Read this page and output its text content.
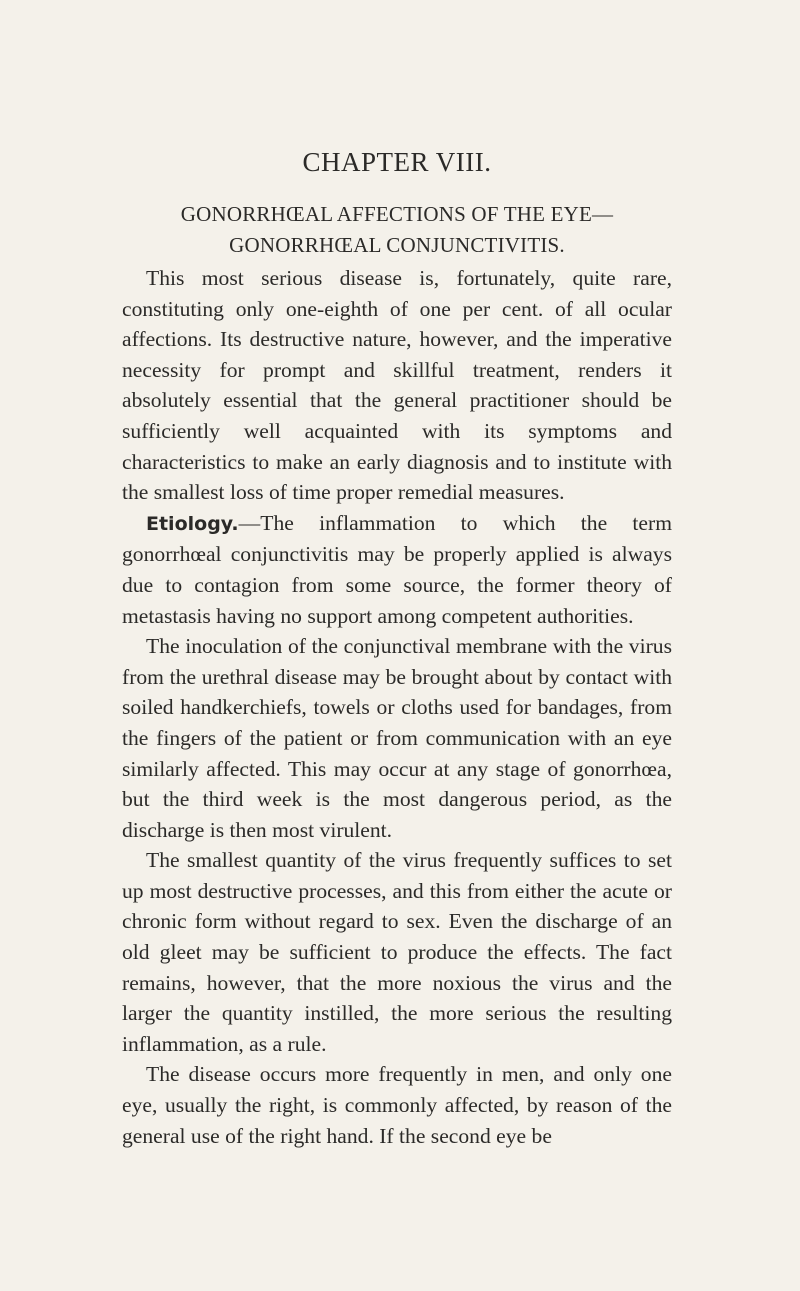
CHAPTER VIII.
GONORRHŒAL AFFECTIONS OF THE EYE—
GONORRHŒAL CONJUNCTIVITIS.

This most serious disease is, fortunately, quite rare, constituting only one-eighth of one per cent. of all ocular affections. Its destructive nature, however, and the imperative necessity for prompt and skillful treatment, renders it absolutely essential that the general practitioner should be sufficiently well acquainted with its symptoms and characteristics to make an early diagnosis and to institute with the smallest loss of time proper remedial measures.

Etiology.—The inflammation to which the term gonorrhœal conjunctivitis may be properly applied is always due to contagion from some source, the former theory of metastasis having no support among competent authorities.

The inoculation of the conjunctival membrane with the virus from the urethral disease may be brought about by contact with soiled handkerchiefs, towels or cloths used for bandages, from the fingers of the patient or from communication with an eye similarly affected. This may occur at any stage of gonorrhœa, but the third week is the most dangerous period, as the discharge is then most virulent.

The smallest quantity of the virus frequently suffices to set up most destructive processes, and this from either the acute or chronic form without regard to sex. Even the discharge of an old gleet may be sufficient to produce the effects. The fact remains, however, that the more noxious the virus and the larger the quantity instilled, the more serious the resulting inflammation, as a rule.

The disease occurs more frequently in men, and only one eye, usually the right, is commonly affected, by reason of the general use of the right hand. If the second eye be
